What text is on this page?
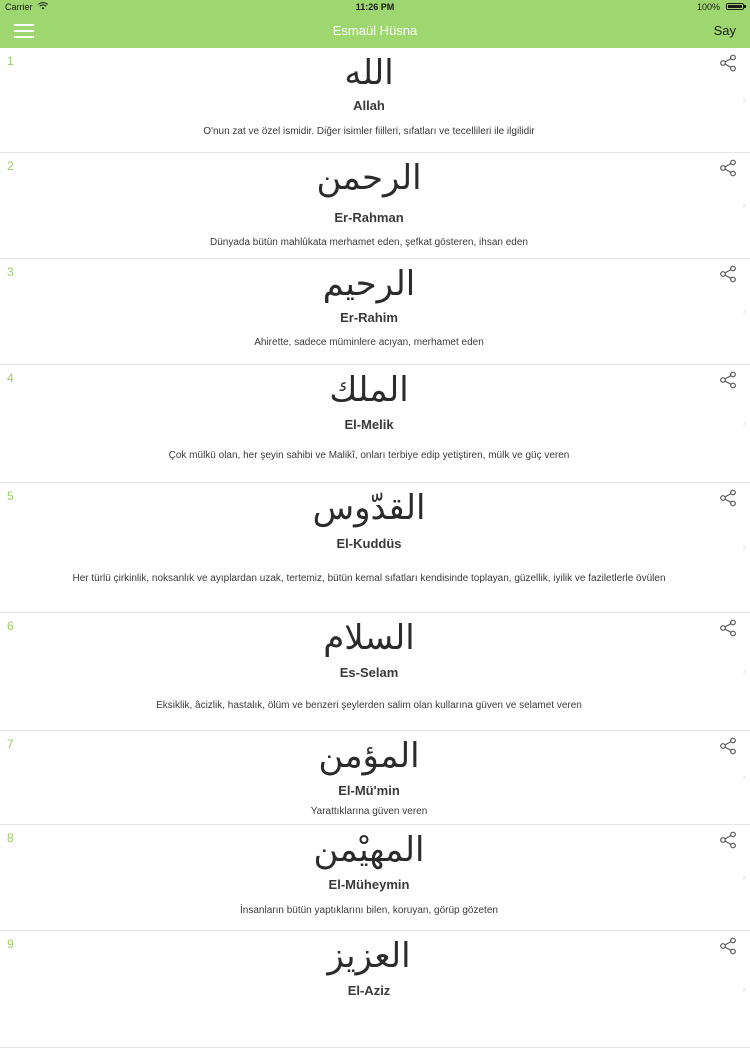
Carrier	11:26 PM	100%
Esmaül Hüsna	Say
1	الله
Allah
O'nun zat ve özel ismidir. Diğer isimler fiilleri, sıfatları ve tecellileri ile ilgilidir
›
2	الرحمن
Er-Rahman
Dünyada bütün mahlûkata merhamet eden, şefkat gösteren, ihsan eden
›
3	الرحيم
Er-Rahim
Ahirette, sadece müminlere acıyan, merhamet eden
›
4	الملك
El-Melik
Çok mülkü olan, her şeyin sahibi ve Malikî, onları terbiye edip yetiştiren, mülk ve güç veren
›
5	القدّوس
El-Kuddüs
Her türlü çirkinlik, noksanlık ve ayıplardan uzak, tertemiz, bütün kemal sıfatları kendisinde toplayan, güzellik, iyilik ve faziletlerle övülen
›
6	السلام
Es-Selam
Eksiklik, âcizlik, hastalık, ölüm ve benzeri şeylerden salim olan kullarına güven ve selamet veren
›
7	المؤمن
El-Mü'min
Yarattıklarına güven veren
›
8	المهيْمن
El-Müheymin
İnsanların bütün yaptıklarını bilen, koruyan, görüp gözeten
›
9	العزيز
El-Aziz	›
